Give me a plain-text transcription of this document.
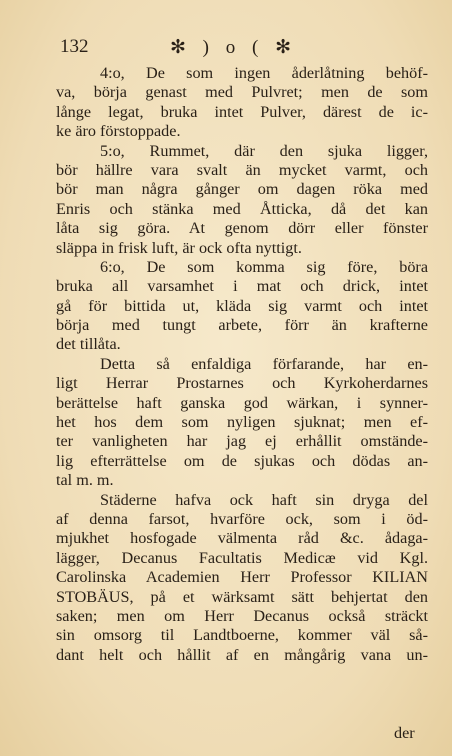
132	✻ ) o ( ✻
4:o, De som ingen åderlåtning behöf-
va, börja genast med Pulvret; men de som
långe legat, bruka intet Pulver, därest de ic-
ke äro förstoppade.
5:o, Rummet, där den sjuka ligger,
bör hällre vara svalt än mycket varmt, och
bör man några gånger om dagen röka med
Enris och stänka med Åtticka, då det kan
låta sig göra. At genom dörr eller fönster
släppa in frisk luft, är ock ofta nyttigt.
6:o, De som komma sig före, böra
bruka all varsamhet i mat och drick, intet
gå för bittida ut, kläda sig varmt och intet
börja med tungt arbete, förr än krafterne
det tillåta.
Detta så enfaldiga förfarande, har en-
ligt Herrar Prostarnes och Kyrkoherdarnes
berättelse haft ganska god wärkan, i synner-
het hos dem som nyligen sjuknat; men ef-
ter vanligheten har jag ej erhållit omstände-
lig efterrättelse om de sjukas och dödas an-
tal m. m.
Städerne hafva ock haft sin dryga del
af denna farsot, hvarföre ock, som i öd-
mjukhet hosfogade välmenta råd &c. ådaga-
lägger, Decanus Facultatis Medicæ vid Kgl.
Carolinska Academien Herr Professor KILIAN
STOBÄUS, på et wärksamt sätt behjertat den
saken; men om Herr Decanus också sträckt
sin omsorg til Landtboerne, kommer väl så-
dant helt och hållit af en mångårig vana un-
der
